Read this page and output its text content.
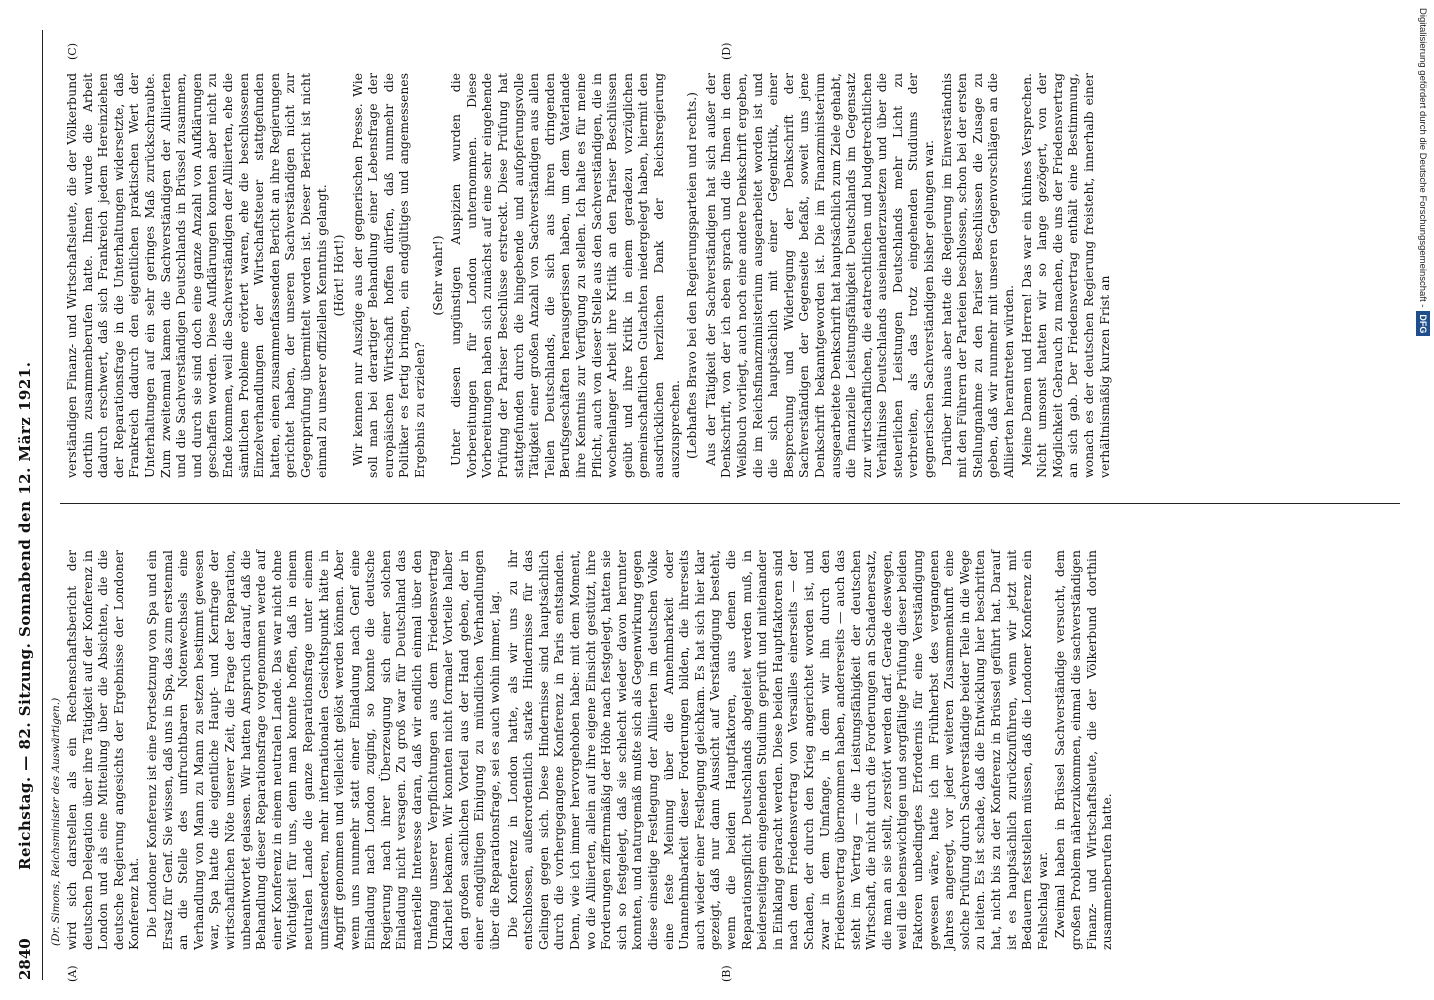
2840
Reichstag. — 82. Sitzung. Sonnabend den 12. März 1921. (Dr. Simons, Reichsminister des Auswärtigen.)
(A)	(B)
(C)	(D)

wird sich darstellen als ein Rechenschaftsbericht der deutschen Delegation über ihre Tätigkeit auf der Konferenz in London und als eine Mitteilung über die Absichten, die die deutsche Regierung angesichts der Ergebnisse der Londoner Konferenz hat. Die Londoner Konferenz ist eine Fortsetzung von Spa und ein Ersatz für Genf. Sie wissen, daß uns in Spa, das zum erstenmal an die Stelle des unfruchtbaren Notenwechsels eine Verhandlung von Mann zu Mann zu setzen bestimmt gewesen war, Spa hatte die eigentliche Haupt- und Kernfrage der wirtschaftlichen Nöte unserer Zeit, die Frage der Reparation, unbeantwortet gelassen. Wir hatten Anspruch darauf, daß die Behandlung dieser Reparationsfrage vorgenommen werde auf einer Konferenz in einem neutralen Lande. Das war nicht ohne Wichtigkeit für uns, denn man konnte hoffen, daß in einem neutralen Lande die ganze Reparationsfrage unter einem umfassenderen, mehr internationalen Gesichtspunkt hätte in Angriff genommen und vielleicht gelöst werden können. Aber wenn uns nunmehr statt einer Einladung nach Genf eine Einladung nach London zuging, so konnte die deutsche Regierung nach ihrer Überzeugung sich einer solchen Einladung nicht versagen. Zu groß war für Deutschland das materielle Interesse daran, daß wir endlich einmal über den Umfang unserer Verpflichtungen aus dem Friedensvertrag Klarheit bekamen. Wir konnten nicht formaler Vorteile halber den großen sachlichen Vorteil aus der Hand geben, der in einer endgültigen Einigung zu mündlichen Verhandlungen über die Reparationsfrage, sei es auch wohin immer, lag. Die Konferenz in London hatte, als wir uns zu ihr entschlossen, außerordentlich starke Hindernisse für das Gelingen gegen sich. Diese Hindernisse sind hauptsächlich durch die vorhergegangene Konferenz in Paris entstanden. Denn, wie ich immer hervorgehoben habe: mit dem Moment, wo die Alliierten, allein auf ihre eigene Einsicht gestützt, ihre Forderungen ziffernmäßig der Höhe nach festgelegt, hatten sie sich so festgelegt, daß sie schlecht wieder davon herunter konnten, und naturgemäß mußte sich als Gegenwirkung gegen diese einseitige Festlegung der Alliierten im deutschen Volke eine feste Meinung über die Annehmbarkeit oder Unannehmbarkeit dieser Forderungen bilden, die ihrerseits auch wieder einer Festlegung gleichkam. Es hat sich hier klar gezeigt, daß nur dann Aussicht auf Verständigung besteht, wenn die beiden Hauptfaktoren, aus denen die Reparationspflicht Deutschlands abgeleitet werden muß, in beiderseitigem eingehenden Studium geprüft und miteinander in Einklang gebracht werden. Diese beiden Hauptfaktoren sind nach dem Friedensvertrag von Versailles einerseits — der Schaden, der durch den Krieg angerichtet worden ist, und zwar in dem Umfange, in dem wir ihn durch den Friedensvertrag übernommen haben, andererseits — auch das steht im Vertrag — die Leistungsfähigkeit der deutschen Wirtschaft, die nicht durch die Forderungen an Schadenersatz, die man an sie stellt, zerstört werden darf. Gerade deswegen, weil die lebenswichtigen und sorgfältige Prüfung dieser beiden Faktoren unbedingtes Erfordernis für eine Verständigung gewesen wäre, hatte ich im Frühherbst des vergangenen Jahres angeregt, vor jeder weiteren Zusammenkunft eine solche Prüfung durch Sachverständige beider Teile in die Wege zu leiten. Es ist schade, daß die Entwicklung hier beschritten hat, nicht bis zu der Konferenz in Brüssel geführt hat. Darauf ist es hauptsächlich zurückzuführen, wenn wir jetzt mit Bedauern feststellen müssen, daß die Londoner Konferenz ein Fehlschlag war. Zweimal haben in Brüssel Sachverständige versucht, dem großen Problem näherzukommen, einmal die sachverständigen Finanz- und Wirtschaftsleute, die der Völkerbund dorthin zusammenberufen hatte.

verständigen Finanz- und Wirtschaftsleute, die der Völkerbund dorthin zusammenberufen hatte. Ihnen wurde die Arbeit dadurch erschwert, daß sich Frankreich jedem Hereinziehen der Reparationsfrage in die Unterhaltungen widersetzte, daß Frankreich dadurch den eigentlichen praktischen Wert der Unterhaltungen auf ein sehr geringes Maß zurückschraubte. Zum zweitenmal kamen die Sachverständigen der Alliierten und die Sachverständigen Deutschlands in Brüssel zusammen, und durch sie sind doch eine ganze Anzahl von Aufklärungen geschaffen worden. Diese Aufklärungen konnten aber nicht zu Ende kommen, weil die Sachverständigen der Alliierten, ehe die sämtlichen Probleme erörtert waren, ehe die beschlossenen Einzelverhandlungen der Wirtschaftsteuer stattgefunden hatten, einen zusammenfassenden Bericht an ihre Regierungen gerichtet haben, der unseren Sachverständigen nicht zur Gegenprüfung übermittelt worden ist. Dieser Bericht ist nicht einmal zu unserer offiziellen Kenntnis gelangt. (Hört! Hört!) Wir kennen nur Auszüge aus der gegnerischen Presse. Wie soll man bei derartiger Behandlung einer Lebensfrage der europäischen Wirtschaft hoffen dürfen, daß nunmehr die Politiker es fertig bringen, ein endgültiges und angemessenes Ergebnis zu erzielen?

(Sehr wahr!) Unter diesen ungünstigen Auspizien wurden die Vorbereitungen für London unternommen. Diese Vorbereitungen haben sich zunächst auf eine sehr eingehende Prüfung der Pariser Beschlüsse erstreckt. Diese Prüfung hat stattgefunden durch die hingebende und aufopferungsvolle Tätigkeit einer großen Anzahl von Sachverständigen aus allen Teilen Deutschlands, die sich aus ihren dringenden Berufsgeschäften herausgerissen haben, um dem Vaterlande ihre Kenntnis zur Verfügung zu stellen. Ich halte es für meine Pflicht, auch von dieser Stelle aus den Sachverständigen, die in wochenlanger Arbeit ihre Kritik an den Pariser Beschlüssen geübt und ihre Kritik in einem geradezu vorzüglichen gemeinschaftlichen Gutachten niedergelegt haben, hiermit den ausdrücklichen herzlichen Dank der Reichsregierung auszusprechen. (Lebhaftes Bravo bei den Regierungsparteien und rechts.) Aus der Tätigkeit der Sachverständigen hat sich außer der Denkschrift, von der ich eben sprach und die Ihnen in dem Weißbuch vorliegt, auch noch eine andere Denkschrift ergeben, die im Reichsfinanzministerium ausgearbeitet worden ist und die sich hauptsächlich mit einer Gegenkritik, einer Besprechung und Widerlegung der Denkschrift der Sachverständigen der Gegenseite befaßt, soweit uns jene Denkschrift bekanntgeworden ist. Die im Finanzministerium ausgearbeitete Denkschrift hat hauptsächlich zum Ziele gehabt, die finanzielle Leistungsfähigkeit Deutschlands im Gegensatz zur wirtschaftlichen, die etatrechtlichen und budgetrechtlichen Verhältnisse Deutschlands auseinanderzusetzen und über die steuerlichen Leistungen Deutschlands mehr Licht zu verbreiten, als das trotz eingehenden Studiums der gegnerischen Sachverständigen bisher gelungen war. Darüber hinaus aber hatte die Regierung im Einverständnis mit den Führern der Parteien beschlossen, schon bei der ersten Stellungnahme zu den Pariser Beschlüssen die Zusage zu geben, daß wir nunmehr mit unseren Gegenvorschlägen an die Alliierten herantreten würden. Meine Damen und Herren! Das war ein kühnes Versprechen. Nicht umsonst hatten wir so lange gezögert, von der Möglichkeit Gebrauch zu machen, die uns der Friedensvertrag an sich gab. Der Friedensvertrag enthält eine Bestimmung, wonach es der deutschen Regierung freisteht, innerhalb einer verhältnismäßig kurzen Frist an

Digitalisierung gefördert durch die Deutsche Forschungsgemeinschaft -DFG
